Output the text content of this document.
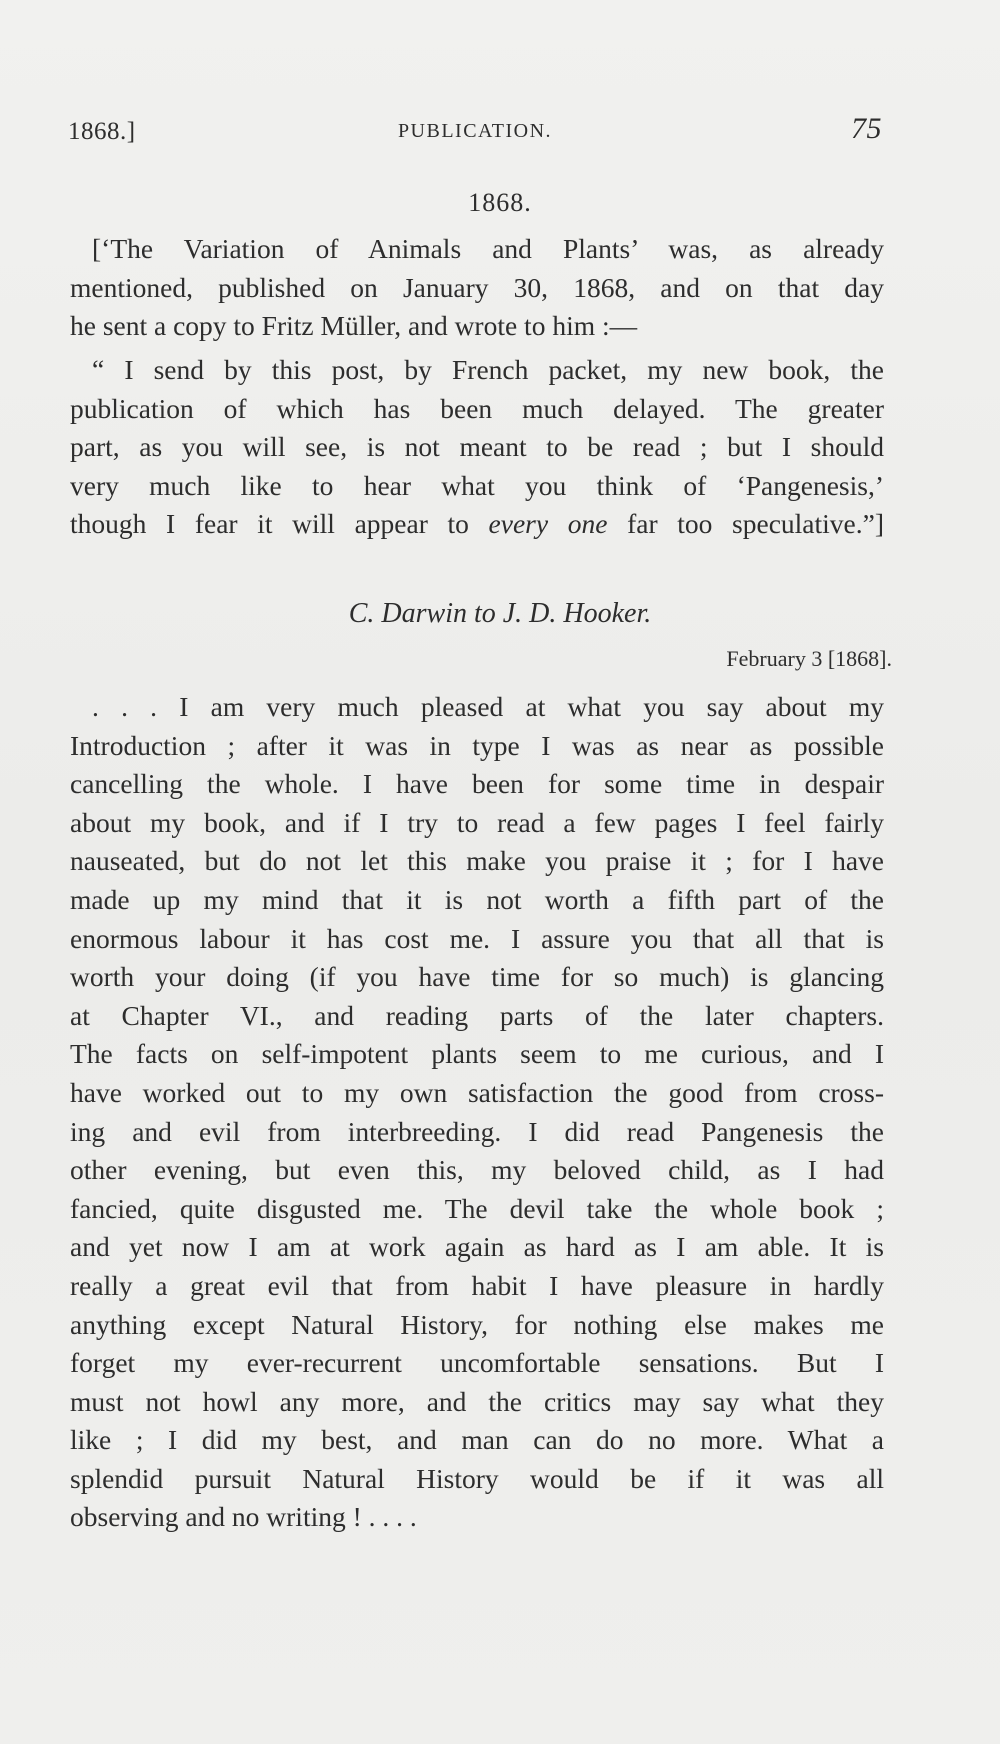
1868.]	PUBLICATION.	75
1868.
[‘The Variation of Animals and Plants’ was, as already
mentioned, published on January 30, 1868, and on that day
he sent a copy to Fritz Müller, and wrote to him :—
“ I send by this post, by French packet, my new book, the
publication of which has been much delayed. The greater
part, as you will see, is not meant to be read ; but I should
very much like to hear what you think of ‘Pangenesis,’
though I fear it will appear to every one far too speculative.”]
C. Darwin to J. D. Hooker.
February 3 [1868].
. . . I am very much pleased at what you say about my
Introduction ; after it was in type I was as near as possible
cancelling the whole. I have been for some time in despair
about my book, and if I try to read a few pages I feel fairly
nauseated, but do not let this make you praise it ; for I have
made up my mind that it is not worth a fifth part of the
enormous labour it has cost me. I assure you that all that is
worth your doing (if you have time for so much) is glancing
at Chapter VI., and reading parts of the later chapters.
The facts on self-impotent plants seem to me curious, and I
have worked out to my own satisfaction the good from cross-
ing and evil from interbreeding. I did read Pangenesis the
other evening, but even this, my beloved child, as I had
fancied, quite disgusted me. The devil take the whole book ;
and yet now I am at work again as hard as I am able. It is
really a great evil that from habit I have pleasure in hardly
anything except Natural History, for nothing else makes me
forget my ever-recurrent uncomfortable sensations. But I
must not howl any more, and the critics may say what they
like ; I did my best, and man can do no more. What a
splendid pursuit Natural History would be if it was all
observing and no writing ! . . . .
